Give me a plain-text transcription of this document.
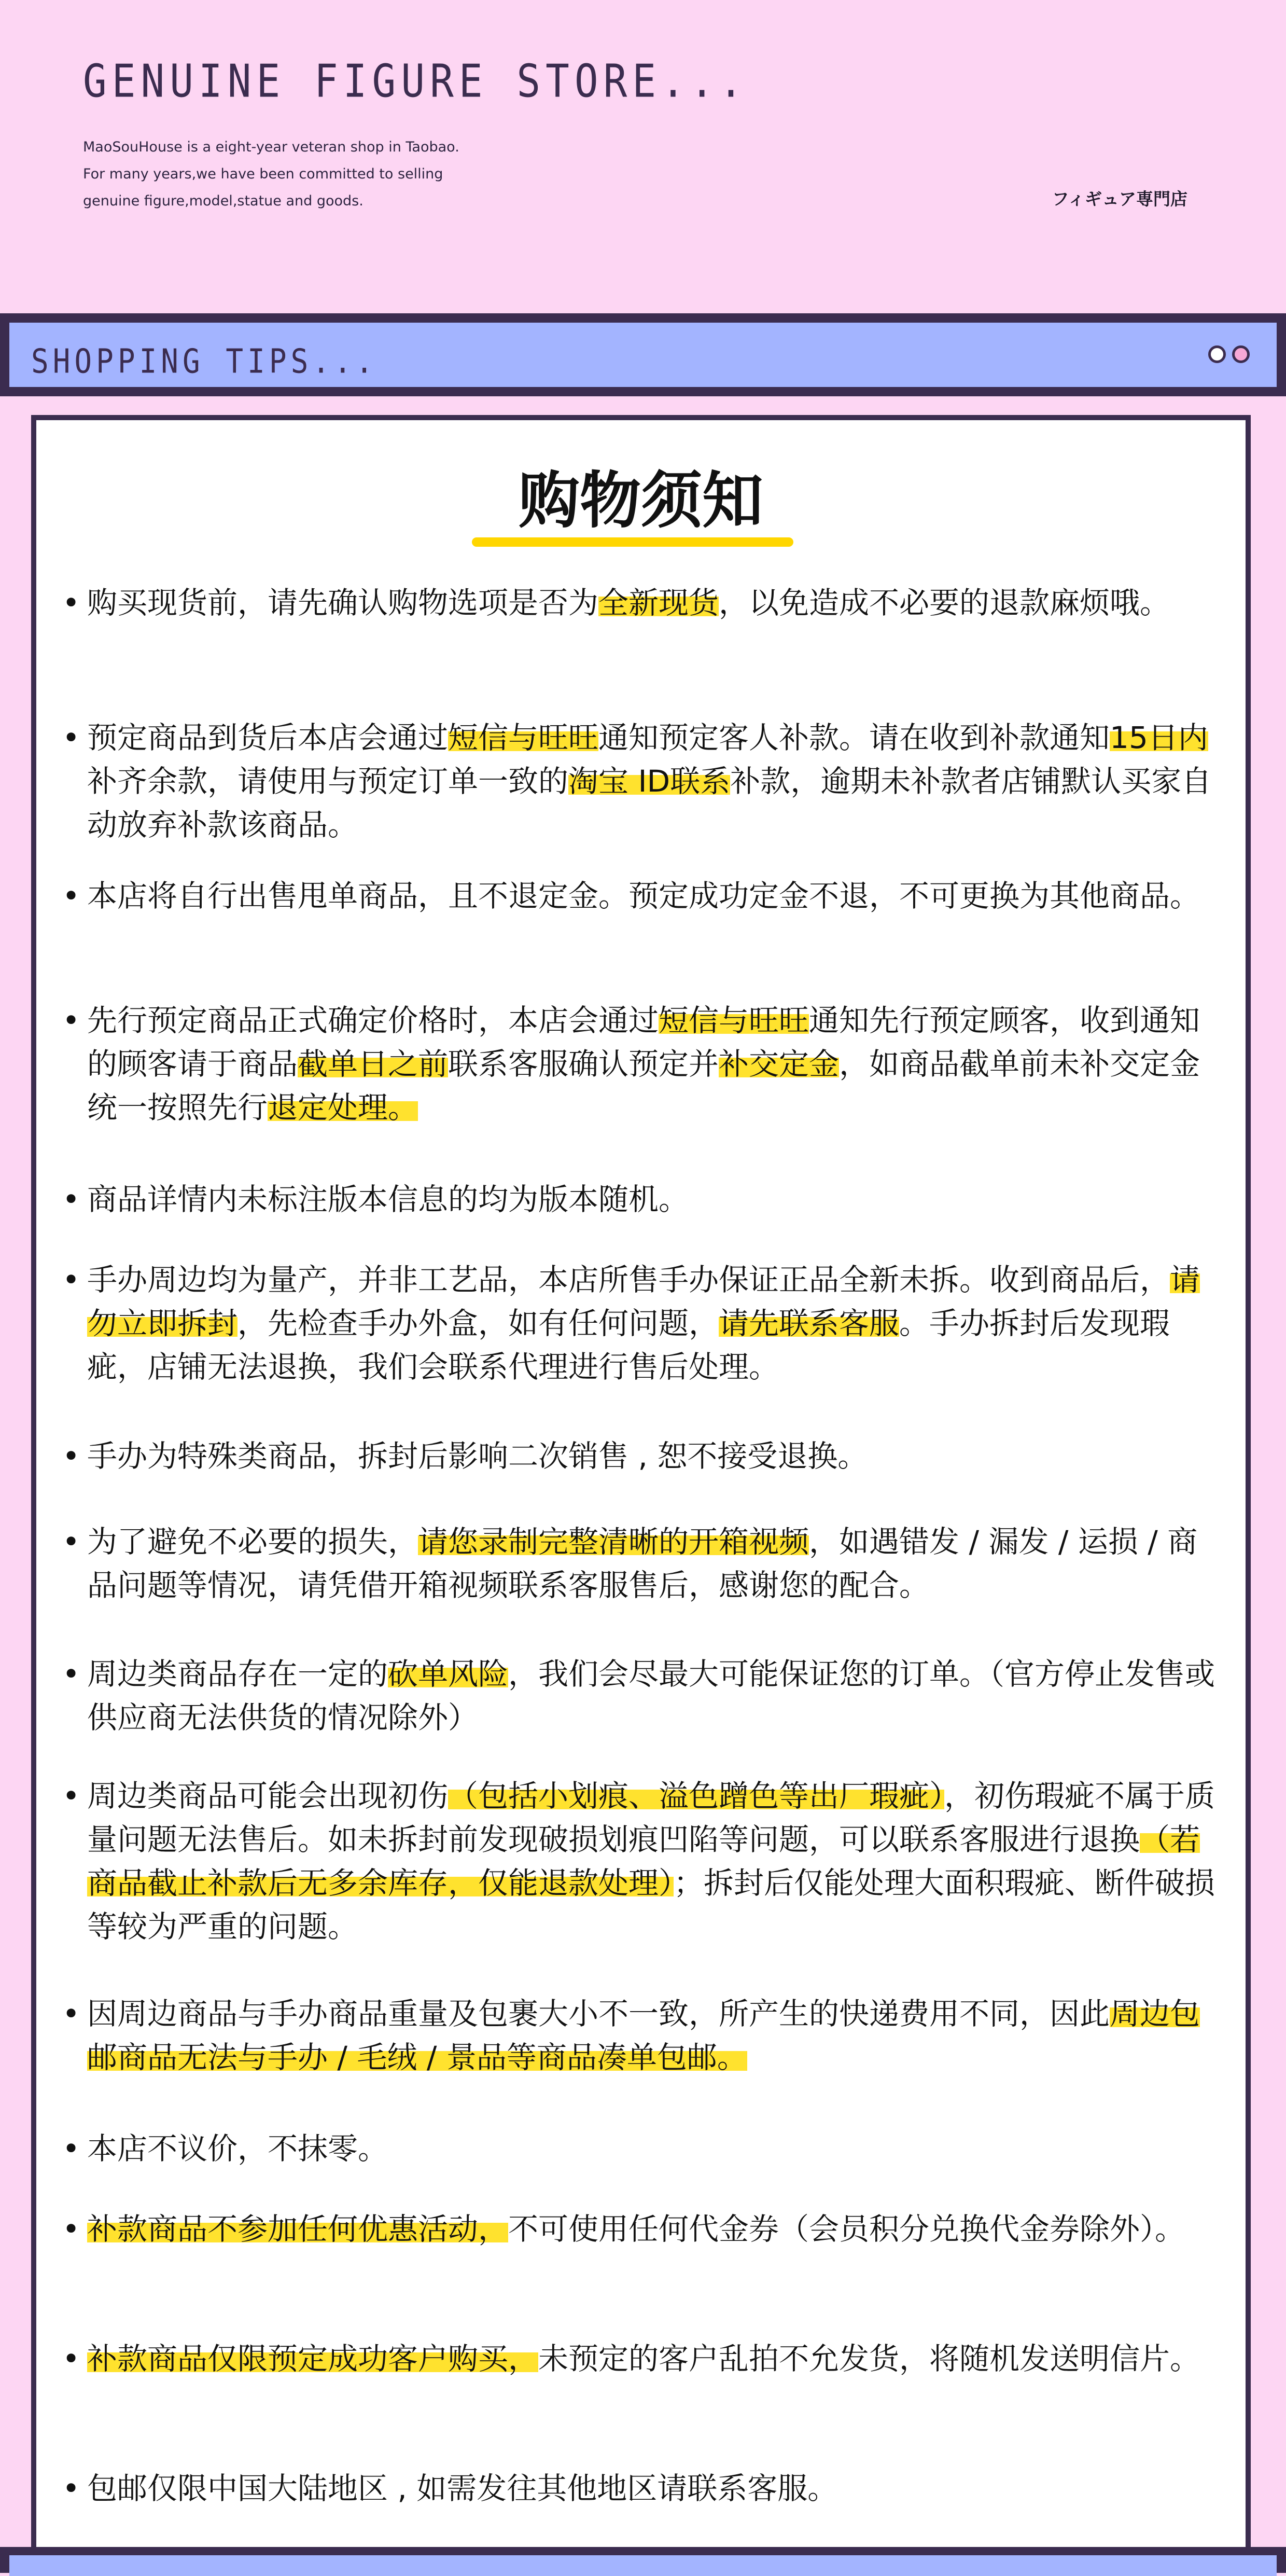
GENUINE FIGURE STORE...
MaoSouHouse is a eight-year veteran shop in Taobao.
For many years,we have been committed to selling
genuine figure,model,statue and goods.	フィギュア専門店
SHOPPING TIPS...
购物须知
• 购买现货前，请先确认购物选项是否为全新现货，以免造成不必要的退款麻烦哦。
• 预定商品到货后本店会通过短信与旺旺通知预定客人补款。请在收到补款通知15日内补齐余款，请使用与预定订单一致的淘宝 ID联系补款，逾期未补款者店铺默认买家自动放弃补款该商品。
• 本店将自行出售甩单商品，且不退定金。预定成功定金不退，不可更换为其他商品。
• 先行预定商品正式确定价格时，本店会通过短信与旺旺通知先行预定顾客，收到通知的顾客请于商品截单日之前联系客服确认预定并补交定金，如商品截单前未补交定金统一按照先行退定处理。
• 商品详情内未标注版本信息的均为版本随机。
• 手办周边均为量产，并非工艺品，本店所售手办保证正品全新未拆。收到商品后，请勿立即拆封，先检查手办外盒，如有任何问题，请先联系客服。手办拆封后发现瑕疵，店铺无法退换，我们会联系代理进行售后处理。
• 手办为特殊类商品，拆封后影响二次销售 , 恕不接受退换。
• 为了避免不必要的损失，请您录制完整清晰的开箱视频，如遇错发 / 漏发 / 运损 / 商品问题等情况，请凭借开箱视频联系客服售后，感谢您的配合。
• 周边类商品存在一定的砍单风险，我们会尽最大可能保证您的订单。（官方停止发售或供应商无法供货的情况除外）
• 周边类商品可能会出现初伤（包括小划痕、溢色蹭色等出厂瑕疵），初伤瑕疵不属于质量问题无法售后。如未拆封前发现破损划痕凹陷等问题，可以联系客服进行退换（若商品截止补款后无多余库存，仅能退款处理）；拆封后仅能处理大面积瑕疵、断件破损等较为严重的问题。
• 因周边商品与手办商品重量及包裹大小不一致，所产生的快递费用不同，因此周边包邮商品无法与手办 / 毛绒 / 景品等商品凑单包邮。
• 本店不议价，不抹零。
• 补款商品不参加任何优惠活动，不可使用任何代金券（会员积分兑换代金券除外）。
• 补款商品仅限预定成功客户购买，未预定的客户乱拍不允发货，将随机发送明信片。
• 包邮仅限中国大陆地区 , 如需发往其他地区请联系客服。
